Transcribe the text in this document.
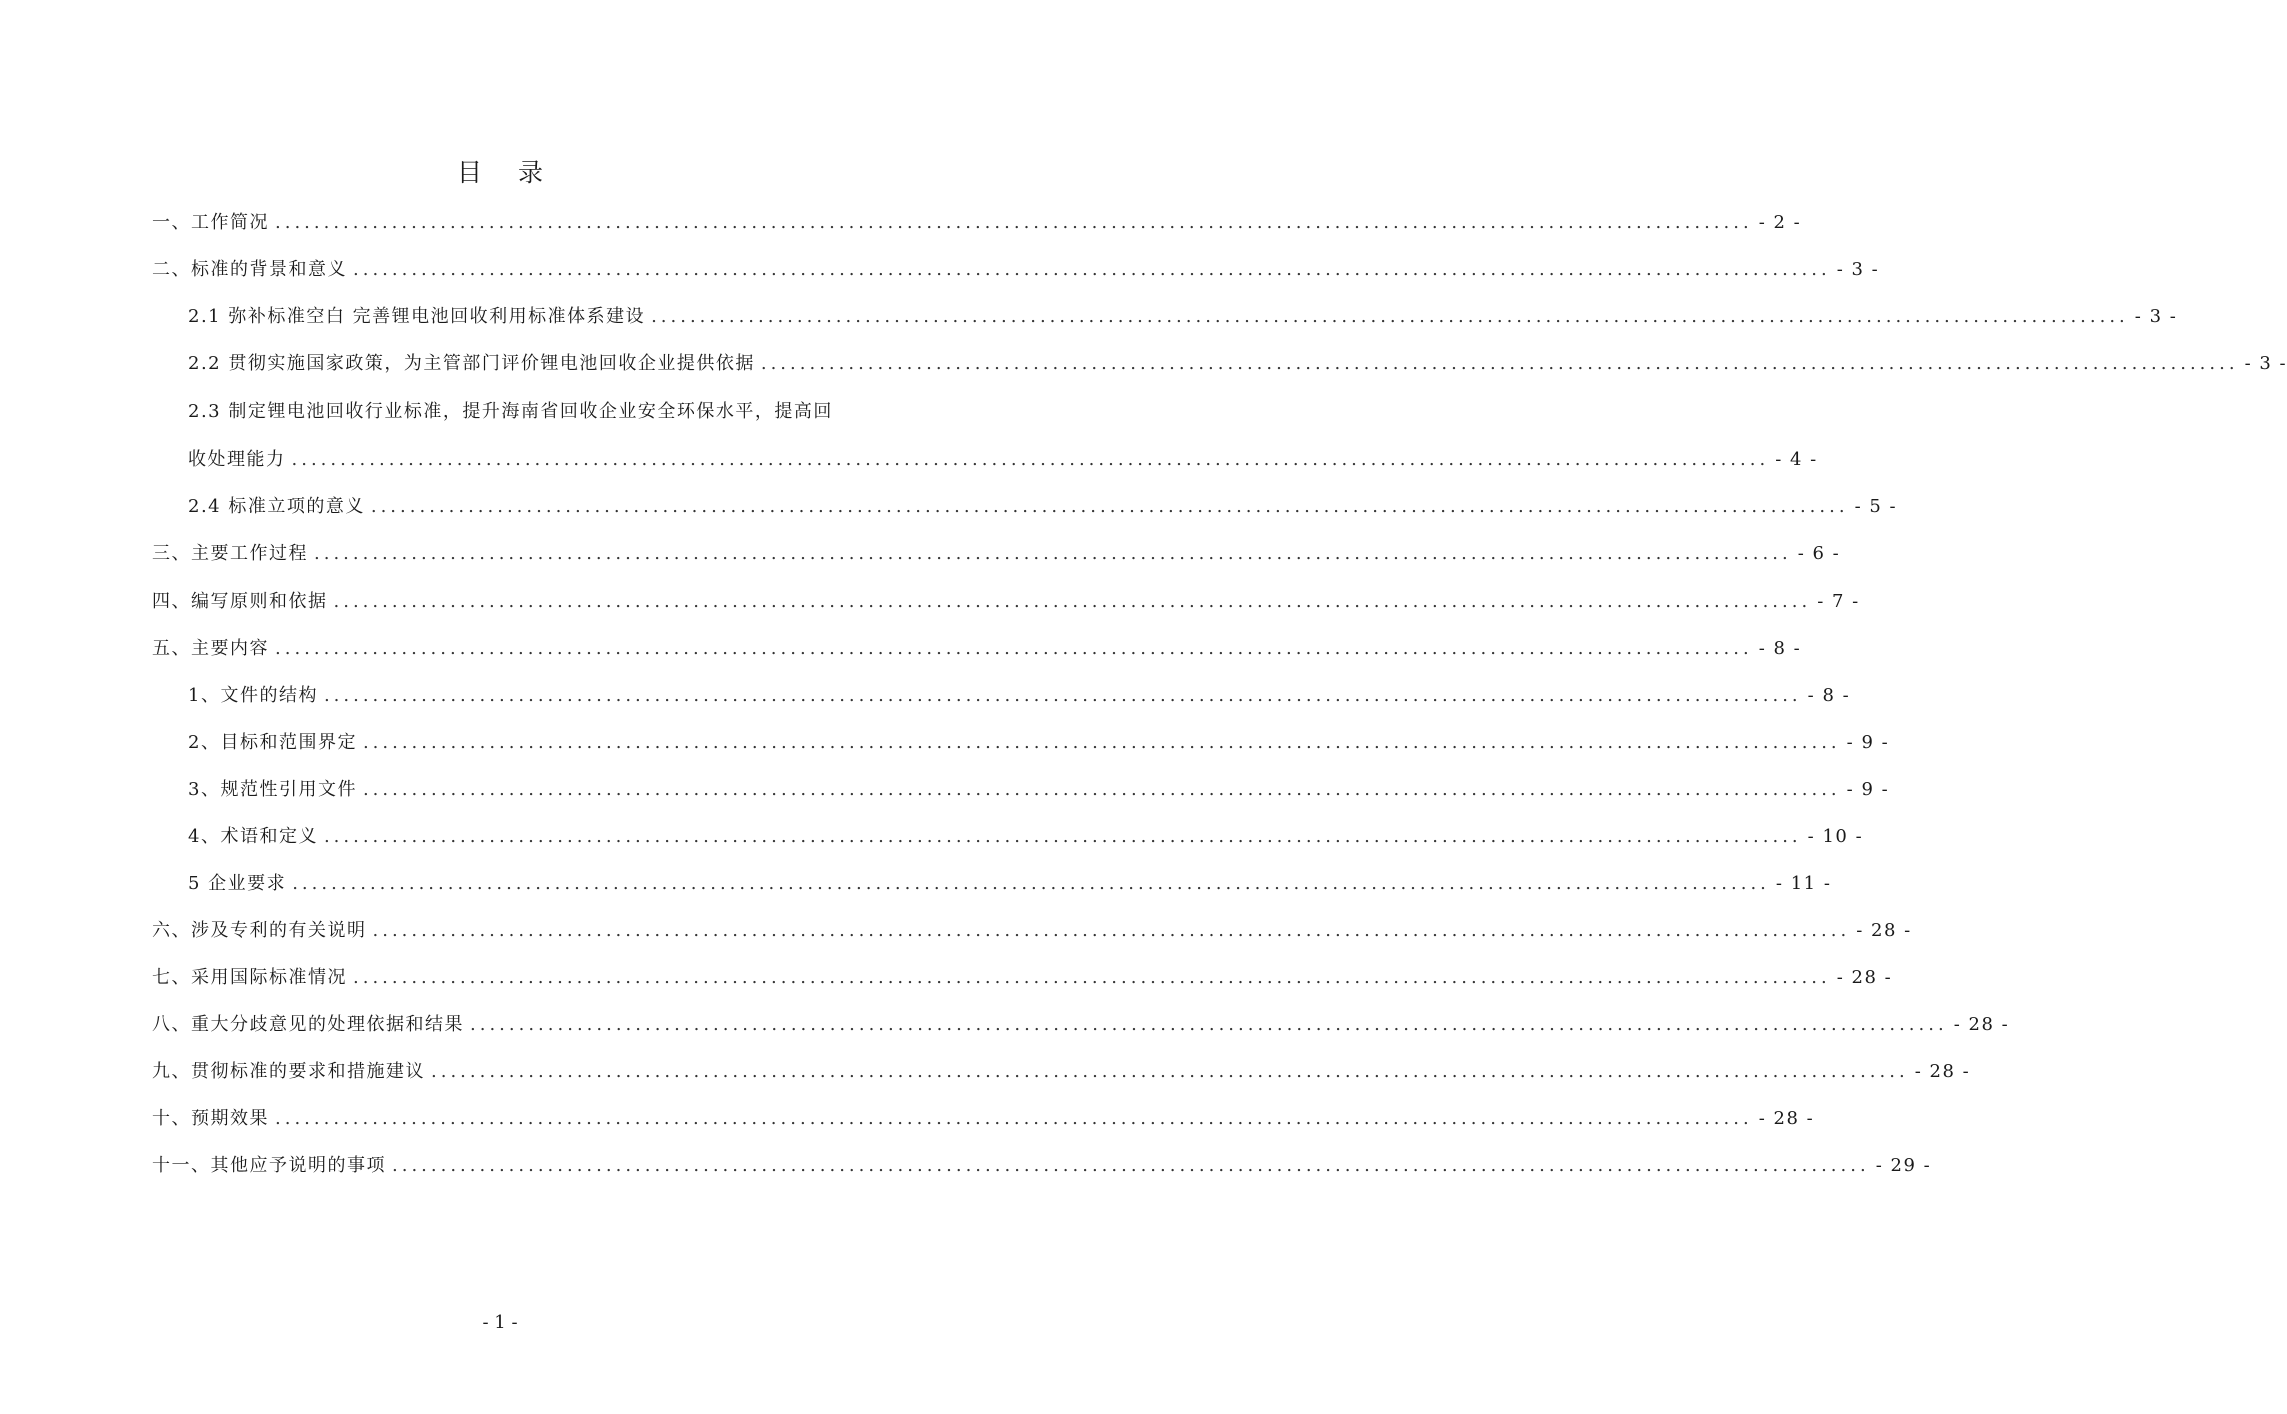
目 录
一、工作简况 ........................................................................................................................................................ - 2 -
二、标准的背景和意义 ........................................................................................................................................................ - 3 -
2.1 弥补标准空白 完善锂电池回收利用标准体系建设 ........................................................................................................................................................ - 3 -
2.2 贯彻实施国家政策，为主管部门评价锂电池回收企业提供依据 ........................................................................................................................................................ - 3 -
2.3 制定锂电池回收行业标准，提升海南省回收企业安全环保水平，提高回
收处理能力 ........................................................................................................................................................ - 4 -
2.4 标准立项的意义 ........................................................................................................................................................ - 5 -
三、主要工作过程 ........................................................................................................................................................ - 6 -
四、编写原则和依据 ........................................................................................................................................................ - 7 -
五、主要内容 ........................................................................................................................................................ - 8 -
1、文件的结构 ........................................................................................................................................................ - 8 -
2、目标和范围界定 ........................................................................................................................................................ - 9 -
3、规范性引用文件 ........................................................................................................................................................ - 9 -
4、术语和定义 ........................................................................................................................................................ - 10 -
5 企业要求 ........................................................................................................................................................ - 11 -
六、涉及专利的有关说明 ........................................................................................................................................................ - 28 -
七、采用国际标准情况 ........................................................................................................................................................ - 28 -
八、重大分歧意见的处理依据和结果 ........................................................................................................................................................ - 28 -
九、贯彻标准的要求和措施建议 ........................................................................................................................................................ - 28 -
十、预期效果 ........................................................................................................................................................ - 28 -
十一、其他应予说明的事项 ........................................................................................................................................................ - 29 -
- 1 -
